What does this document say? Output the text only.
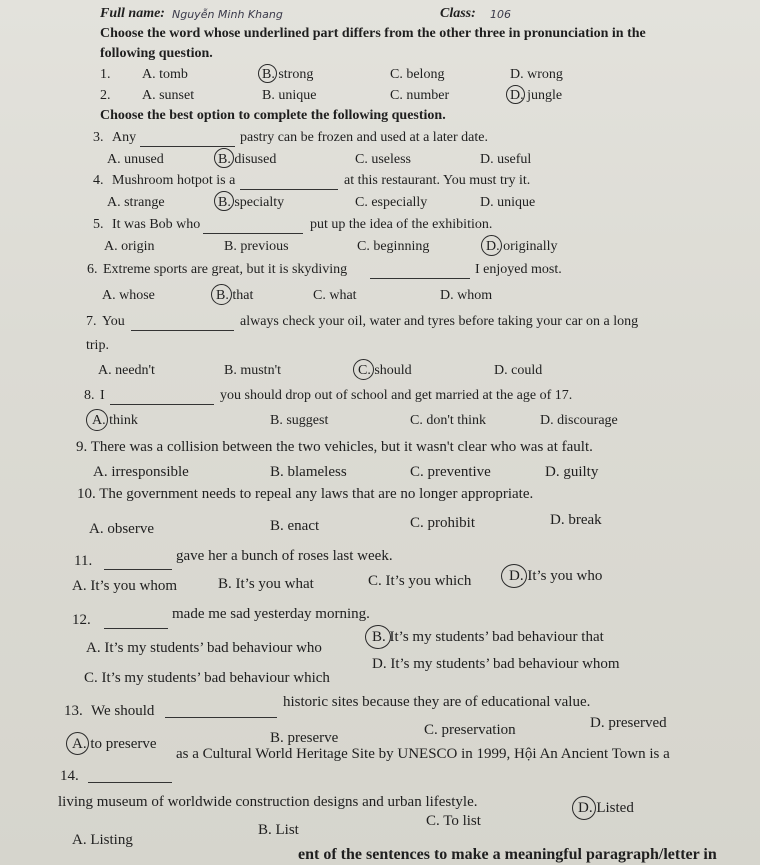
Full name: Nguyễn Minh Khang	Class: 106
Choose the word whose underlined part differs from the other three in pronunciation in the
following question.
1. A. tomb	B. strong	C. belong	D. wrong
2. A. sunset	B. unique	C. number	D. jungle
Choose the best option to complete the following question.
3. Any	pastry can be frozen and used at a later date.
A. unused	B. disused	C. useless	D. useful
4. Mushroom hotpot is a	at this restaurant. You must try it.
A. strange	B. specialty	C. especially	D. unique
5. It was Bob who	put up the idea of the exhibition.
A. origin	B. previous	C. beginning	D. originally
6. Extreme sports are great, but it is skydiving	I enjoyed most.
A. whose	B. that	C. what	D. whom
7. You	always check your oil, water and tyres before taking your car on a long
trip.
A. needn't	B. mustn't	C. should	D. could
8. I	you should drop out of school and get married at the age of 17.
A. think	B. suggest	C. don't think	D. discourage
9. There was a collision between the two vehicles, but it wasn't clear who was at fault.
A. irresponsible	B. blameless	C. preventive	D. guilty
10. The government needs to repeal any laws that are no longer appropriate.
A. observe	B. enact	C. prohibit	D. break
11.	gave her a bunch of roses last week.
A. It’s you whom	B. It’s you what	C. It’s you which	D. It’s you who
12.	made me sad yesterday morning.
A. It’s my students’ bad behaviour who
B. It’s my students’ bad behaviour that
C. It’s my students’ bad behaviour which
D. It’s my students’ bad behaviour whom
13. We should
historic sites because they are of educational value.
A. to preserve	B. preserve	C. preservation	D. preserved
14.
as a Cultural World Heritage Site by UNESCO in 1999, Hội An Ancient Town is a
living museum of worldwide construction designs and urban lifestyle.
A. Listing
B. List
C. To list
D. Listed
ent of the sentences to make a meaningful paragraph/letter in
